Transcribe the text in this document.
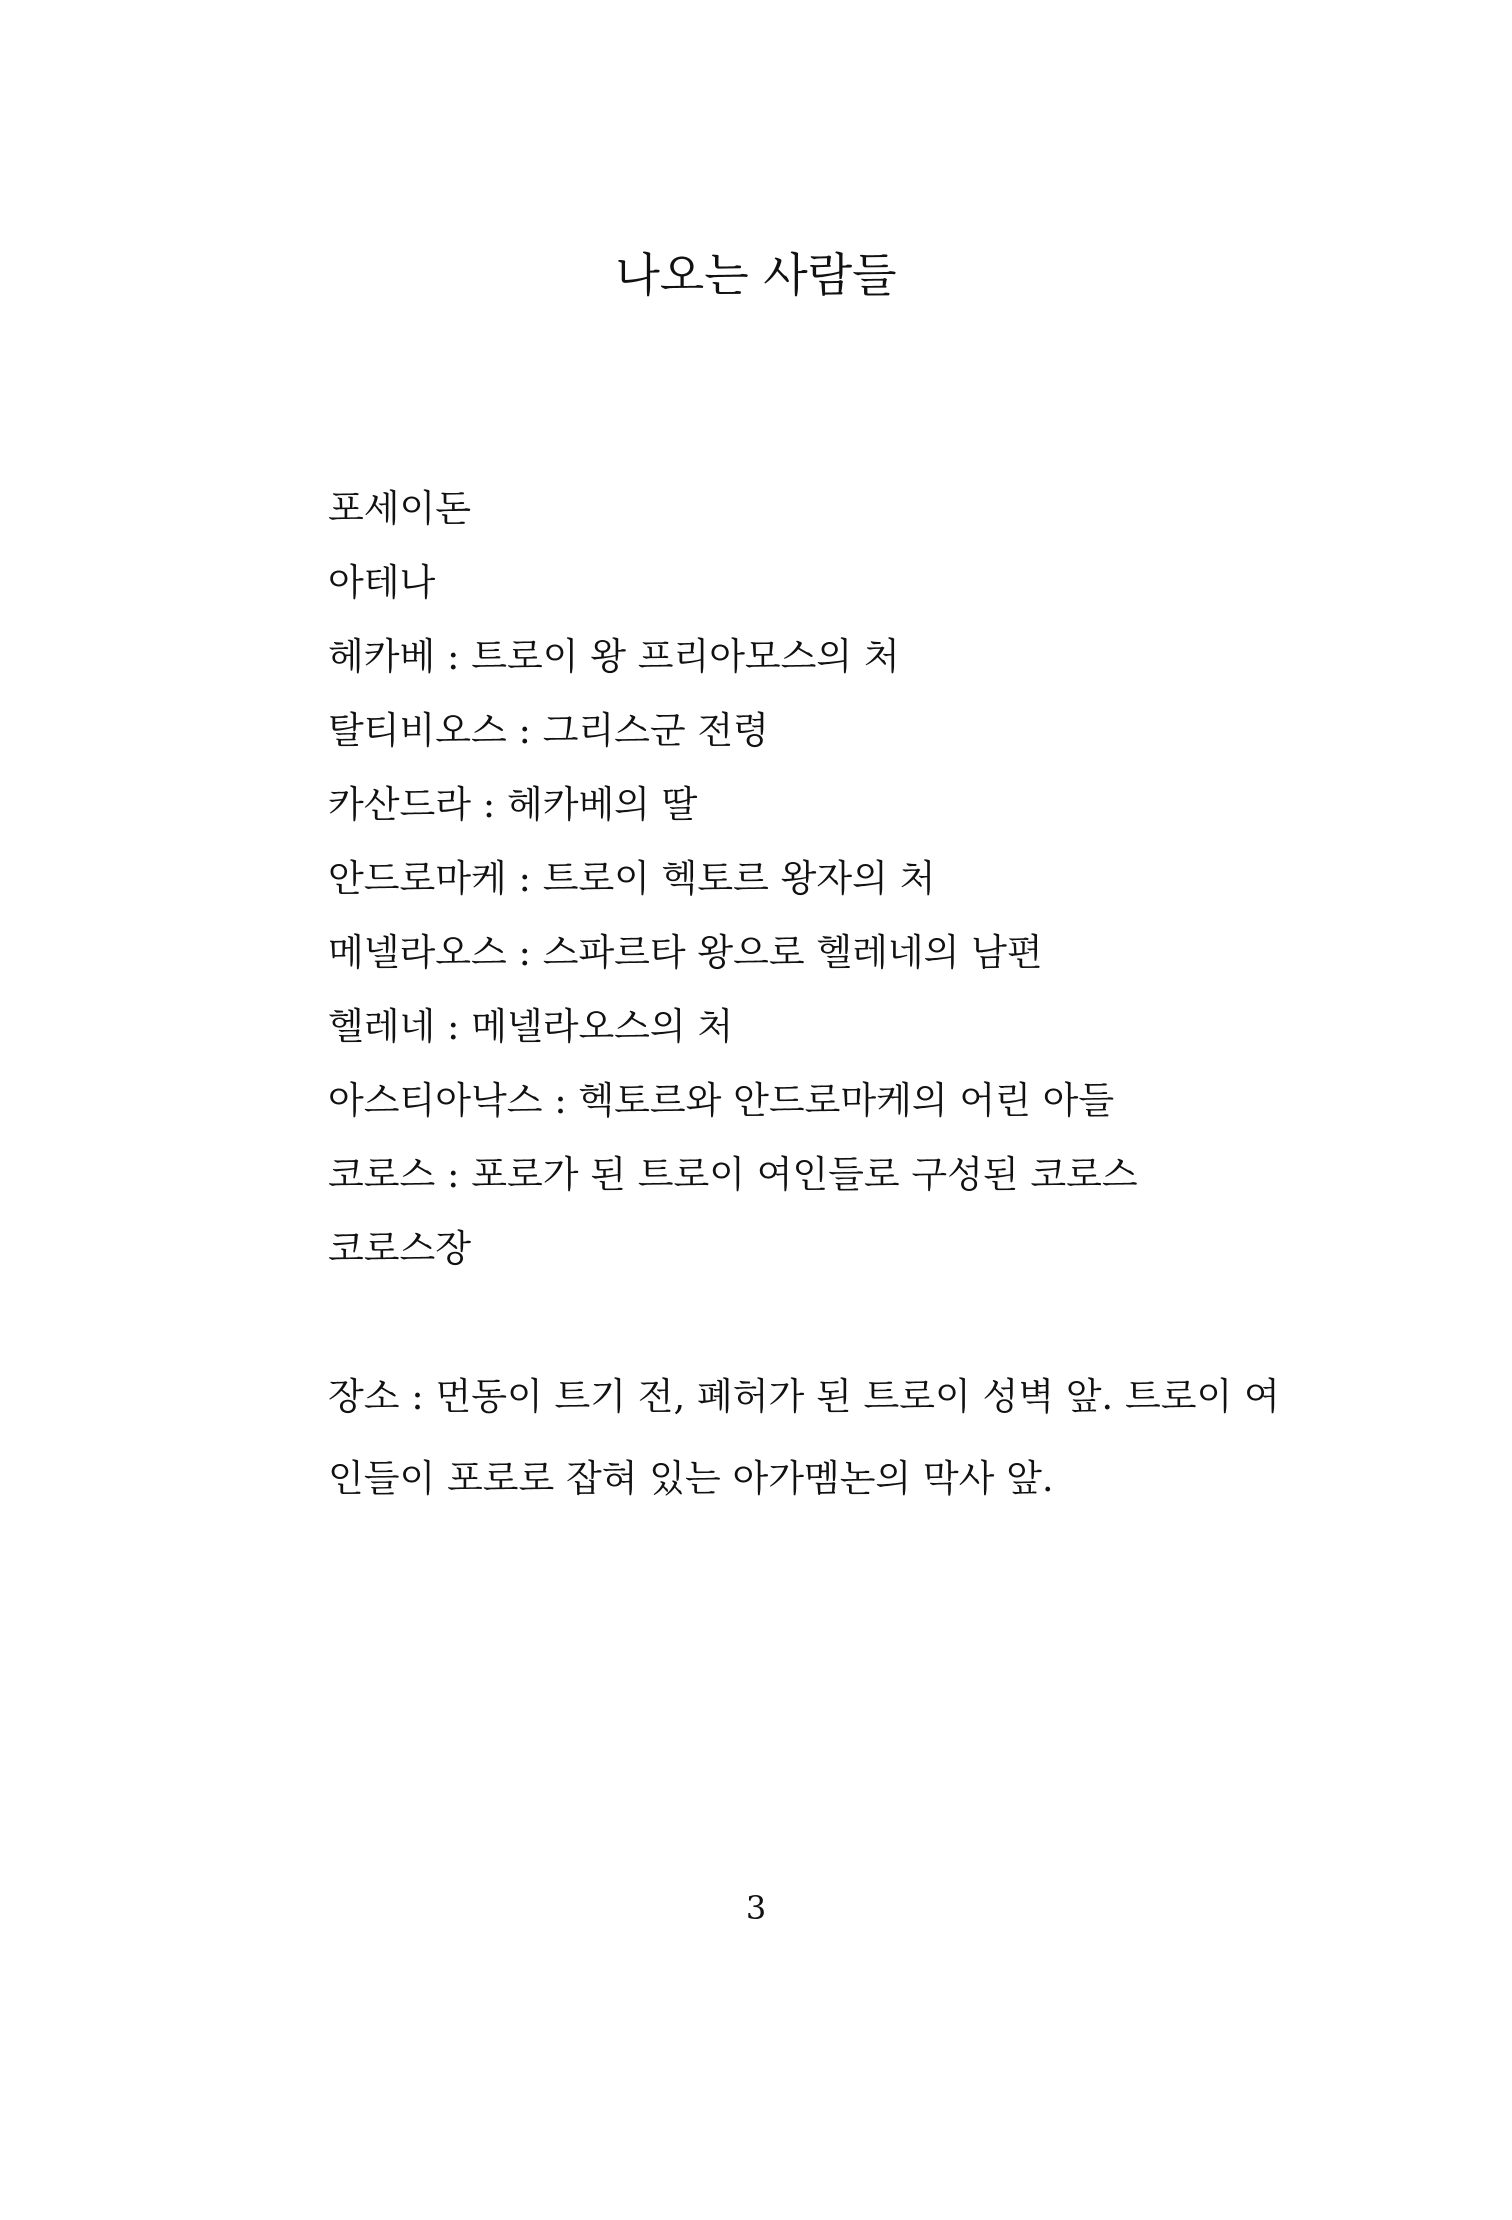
나오는 사람들
포세이돈
아테나
헤카베 : 트로이 왕 프리아모스의 처
탈티비오스 : 그리스군 전령
카산드라 : 헤카베의 딸
안드로마케 : 트로이 헥토르 왕자의 처
메넬라오스 : 스파르타 왕으로 헬레네의 남편
헬레네 : 메넬라오스의 처
아스티아낙스 : 헥토르와 안드로마케의 어린 아들
코로스 : 포로가 된 트로이 여인들로 구성된 코로스
코로스장
장소 : 먼동이 트기 전, 폐허가 된 트로이 성벽 앞. 트로이 여
인들이 포로로 잡혀 있는 아가멤논의 막사 앞.
3
